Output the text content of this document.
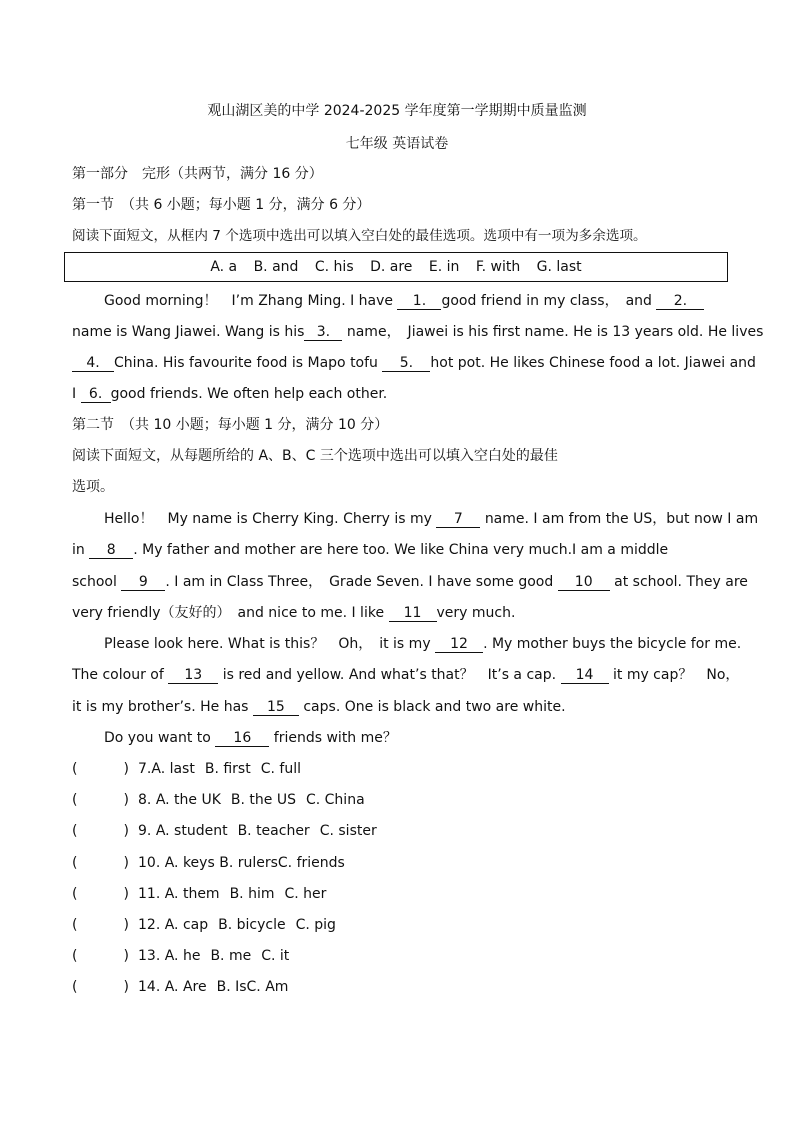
观山湖区美的中学 2024-2025 学年度第一学期期中质量监测
七年级 英语试卷
第一部分　完形（共两节，满分 16 分）
第一节　（共 6 小题；每小题 1 分，满分 6 分）
阅读下面短文，从框内 7 个选项中选出可以填入空白处的最佳选项。选项中有一项为多余选项。
A. a B. and C. his D. are E. in F. with G. last
Good morning！　I’m Zhang Ming. I have 1. good friend in my class，　and 2.
name is Wang Jiawei. Wang is his 3. name，　Jiawei is his first name. He is 13 years old. He lives
4. China. His favourite food is Mapo tofu 5. hot pot. He likes Chinese food a lot. Jiawei and
I 6. good friends. We often help each other.
第二节　（共 10 小题；每小题 1 分，满分 10 分）
阅读下面短文，从每题所给的 A、B、C 三个选项中选出可以填入空白处的最佳
选项。
Hello！　My name is Cherry King. Cherry is my 7 name. I am from the US，but now I am
in 8 . My father and mother are here too. We like China very much.I am a middle
school 9 . I am in Class Three，　Grade Seven. I have some good 10 at school. They are
very friendly（友好的）　and nice to me. I like 11 very much.
Please look here. What is this？　Oh，　it is my 12 . My mother buys the bicycle for me.
The colour of 13 is red and yellow. And what’s that？　It’s a cap. 14 it my cap？　No，
it is my brother’s. He has 15 caps. One is black and two are white.
Do you want to 16 friends with me？
(	) 7.A. last B. first C. full
(	) 8. A. the UK B. the US C. China
(	) 9. A. student B. teacher C. sister
(	) 10. A. keys B. rulersC. friends
(	) 11. A. them B. him C. her
(	) 12. A. cap B. bicycle C. pig
(	) 13. A. he B. me C. it
(	) 14. A. Are B. IsC. Am
